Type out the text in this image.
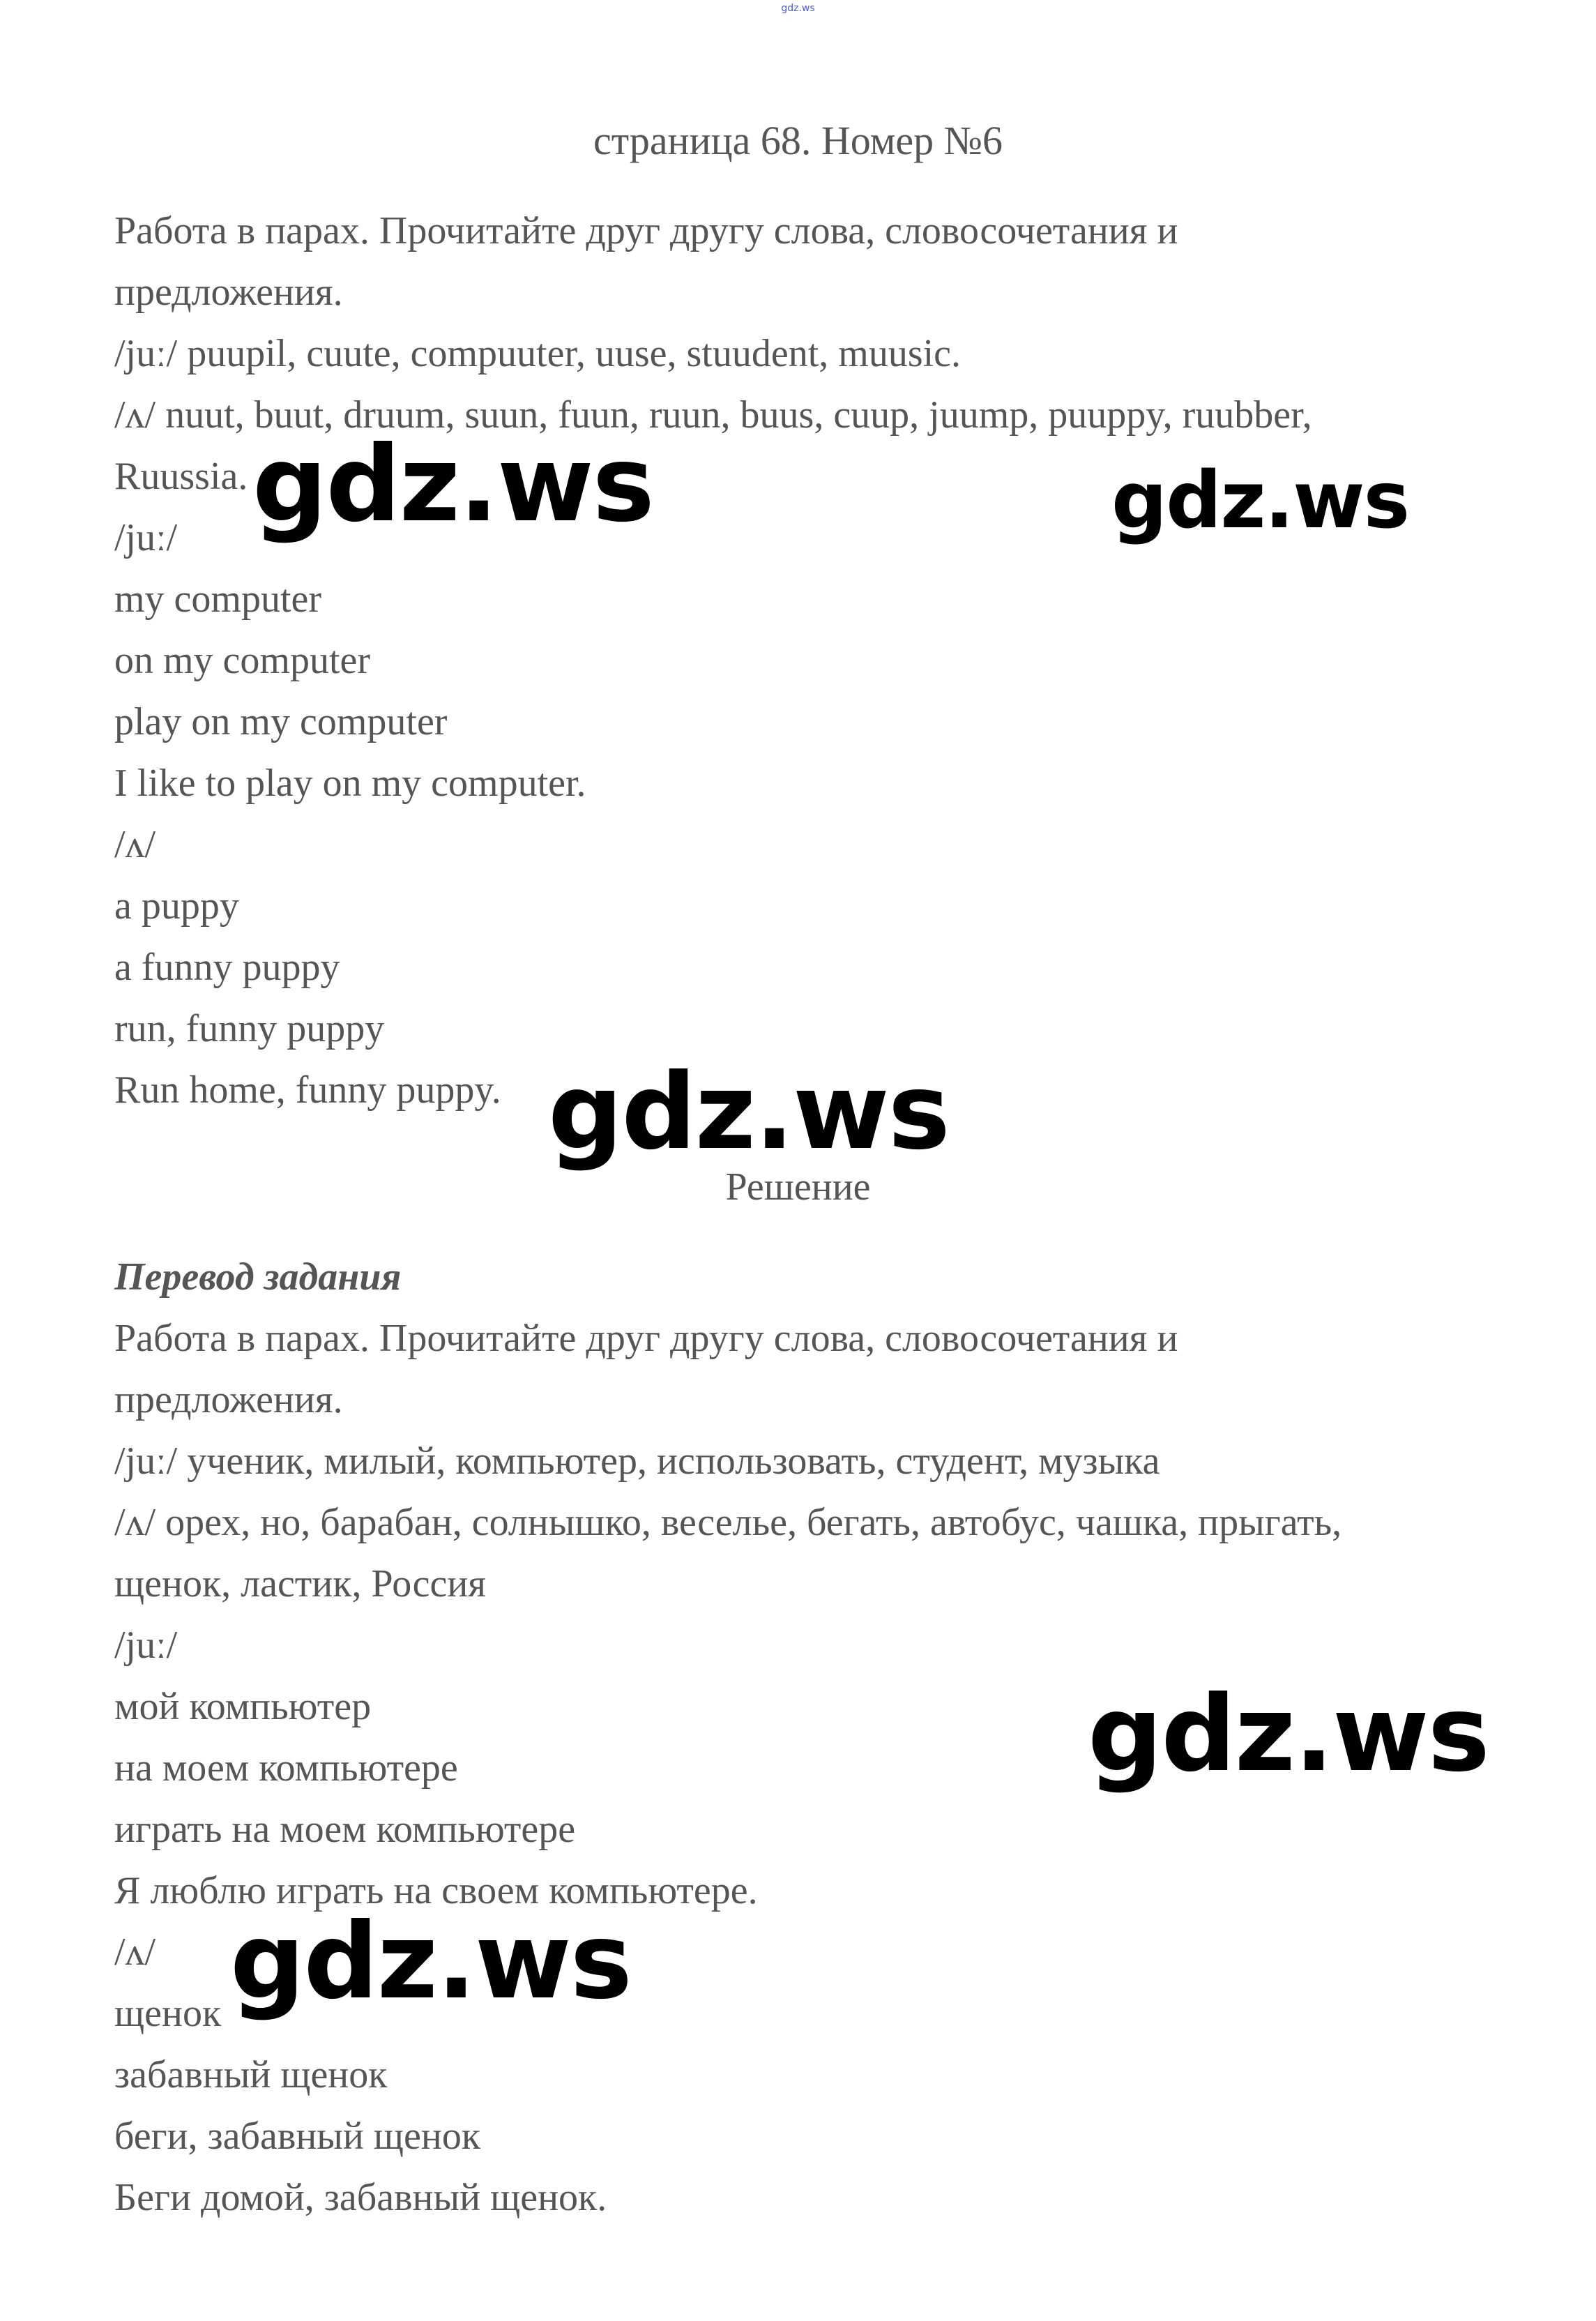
gdz.ws
страница 68. Номер №6
Работа в парах. Прочитайте друг другу слова, словосочетания и
предложения.
/juː/ puupil, cuute, compuuter, uuse, stuudent, muusic.
/ʌ/ nuut, buut, druum, suun, fuun, ruun, buus, cuup, juump, puuppy, ruubber,
Ruussia.
/juː/
my computer
on my computer
play on my computer
I like to play on my computer.
/ʌ/
a puppy
a funny puppy
run, funny puppy
Run home, funny puppy.
Решение
Перевод задания
Работа в парах. Прочитайте друг другу слова, словосочетания и
предложения.
/juː/ ученик, милый, компьютер, использовать, студент, музыка
/ʌ/ орех, но, барабан, солнышко, веселье, бегать, автобус, чашка, прыгать,
щенок, ластик, Россия
/juː/
мой компьютер
на моем компьютере
играть на моем компьютере
Я люблю играть на своем компьютере.
/ʌ/
щенок
забавный щенок
беги, забавный щенок
Беги домой, забавный щенок.
gdz.ws	gdz.ws
gdz.ws
gdz.ws
gdz.ws
